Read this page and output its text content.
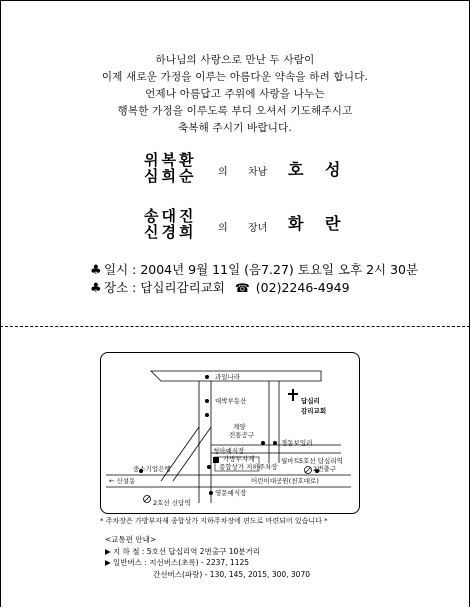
하나님의 사랑으로 만난 두 사람이
이제 새로운 가정을 이루는 아름다운 약속을 하려 합니다.
언제나 아름답고 주위에 사랑을 나누는
행복한 가정을 이루도록 부디 오셔서 기도해주시고
축복해 주시기 바랍니다.
위복환
심희순 의 차남 호 성
송대진
신경희 의 장녀 화 란
♣ 일시 : 2004년 9월 11일 (음7.27) 토요일 오후 2시 30분
♣ 장소 : 답십리감리교회 ☎ (02)2246-4949
과일나라
대박부동산	답십리
감리교회
계양
전통공구
경동보일러
청아예식장
가방부자재
종합상가 지하주차장
5호선 답십리역
2번출구
월마트
중소기업은행
어린이대공원(천호대로)
← 신설동
2호선 신답역
영문예식장
* 주차장은 가방부자재 종합상가 지하주차장에 편도로 마련되어 있습니다 *
<교통편 안내>
▶ 지 하 철 : 5호선 답십리역 2번출구 10분거리
▶ 일반버스 : 지선버스(초록) - 2237, 1125
간선버스(파랑) - 130, 145, 2015, 300, 3070
